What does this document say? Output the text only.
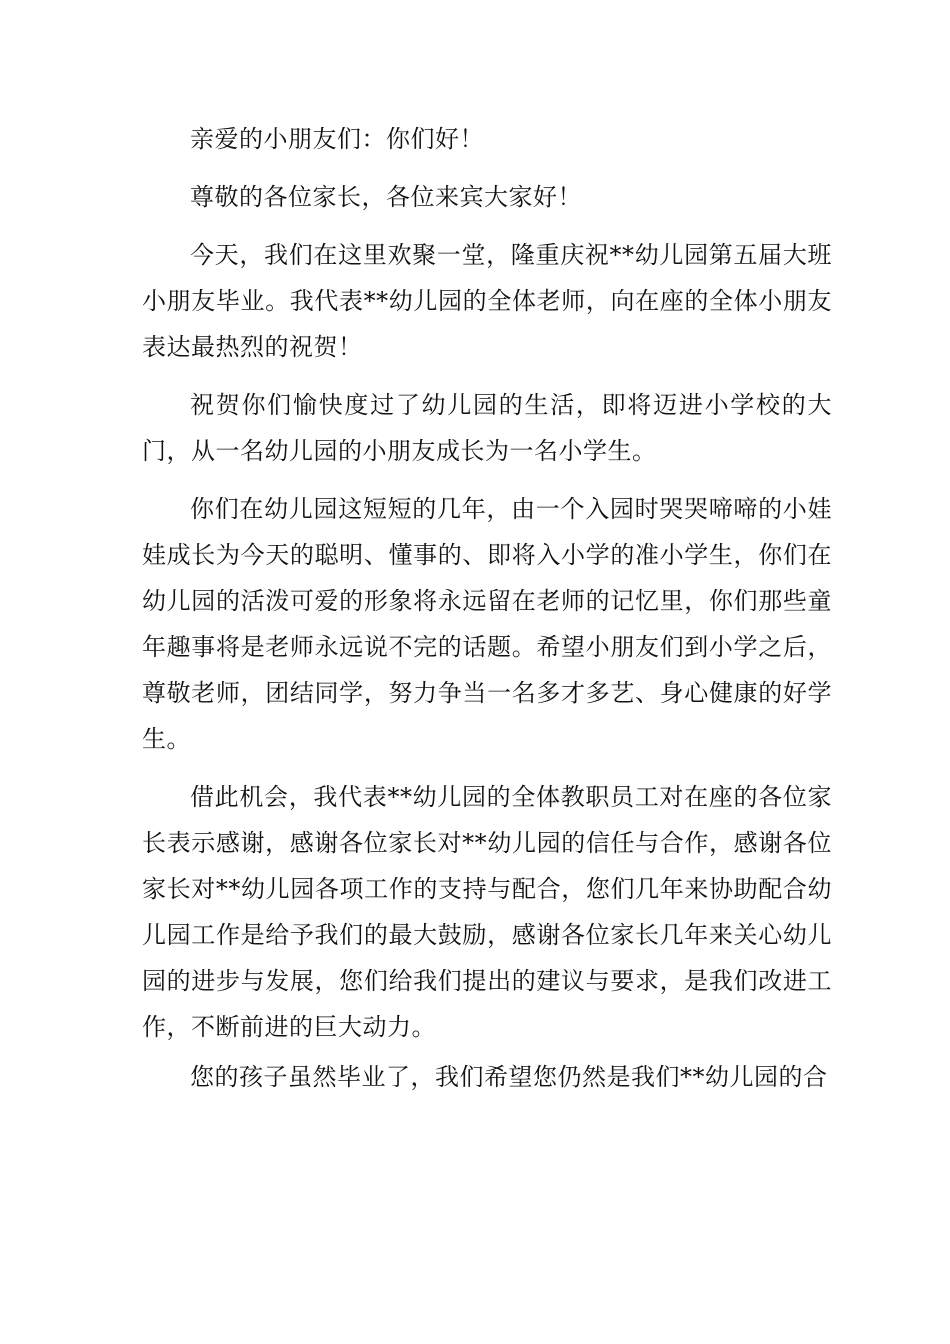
亲爱的小朋友们：你们好！

尊敬的各位家长，各位来宾大家好！

今天，我们在这里欢聚一堂，隆重庆祝**幼儿园第五届大班小朋友毕业。我代表**幼儿园的全体老师，向在座的全体小朋友表达最热烈的祝贺！

祝贺你们愉快度过了幼儿园的生活，即将迈进小学校的大门，从一名幼儿园的小朋友成长为一名小学生。

你们在幼儿园这短短的几年，由一个入园时哭哭啼啼的小娃娃成长为今天的聪明、懂事的、即将入小学的准小学生，你们在幼儿园的活泼可爱的形象将永远留在老师的记忆里，你们那些童年趣事将是老师永远说不完的话题。希望小朋友们到小学之后，尊敬老师，团结同学，努力争当一名多才多艺、身心健康的好学生。

借此机会，我代表**幼儿园的全体教职员工对在座的各位家长表示感谢，感谢各位家长对**幼儿园的信任与合作，感谢各位家长对**幼儿园各项工作的支持与配合，您们几年来协助配合幼儿园工作是给予我们的最大鼓励，感谢各位家长几年来关心幼儿园的进步与发展，您们给我们提出的建议与要求，是我们改进工作，不断前进的巨大动力。

您的孩子虽然毕业了，我们希望您仍然是我们**幼儿园的合
